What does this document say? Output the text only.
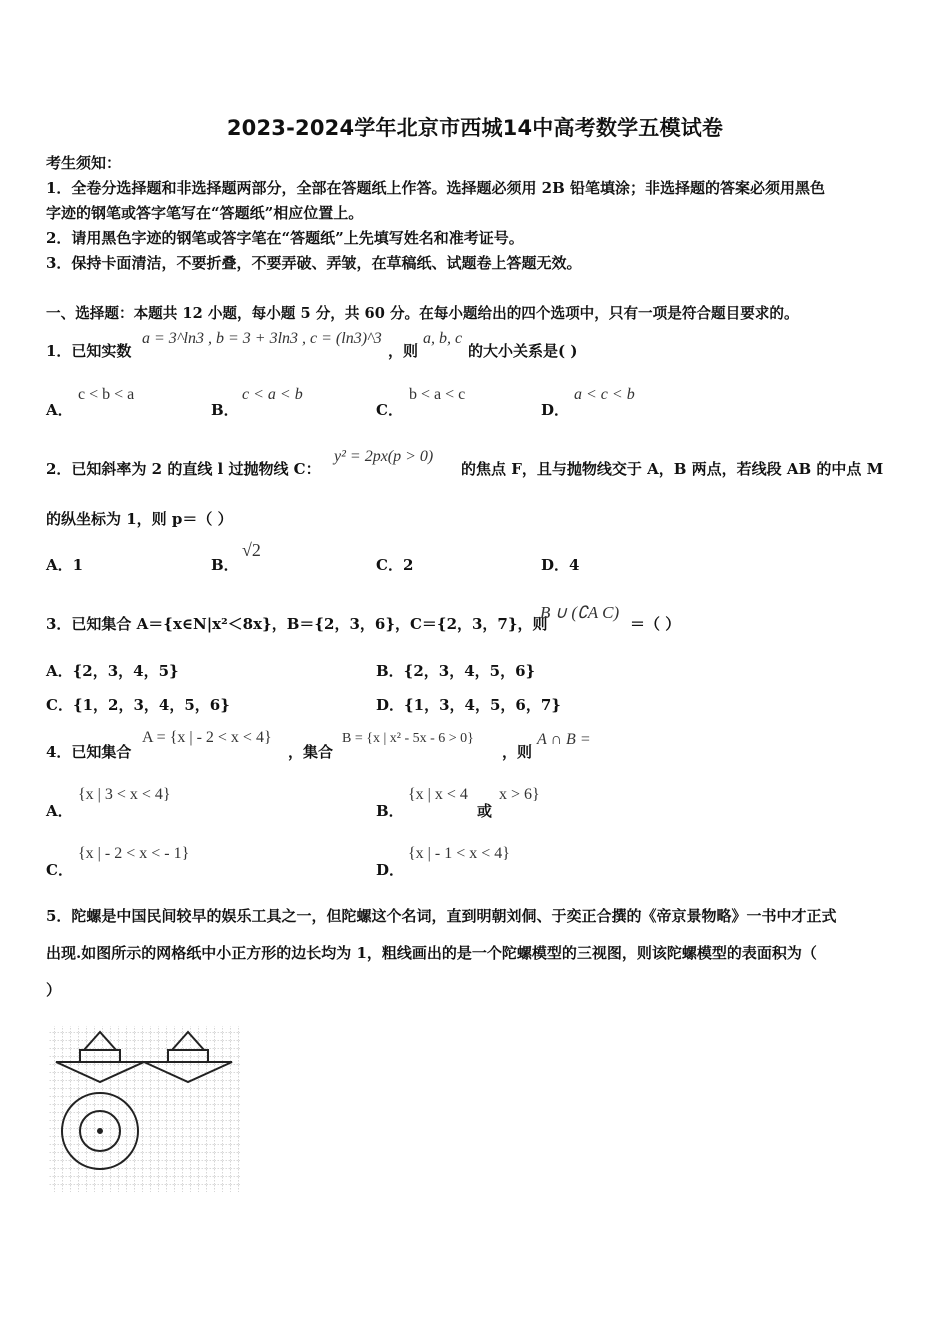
2023-2024学年北京市西城14中高考数学五模试卷
考生须知：
1．全卷分选择题和非选择题两部分，全部在答题纸上作答。选择题必须用 2B 铅笔填涂；非选择题的答案必须用黑色
字迹的钢笔或答字笔写在“答题纸”相应位置上。
2．请用黑色字迹的钢笔或答字笔在“答题纸”上先填写姓名和准考证号。
3．保持卡面清洁，不要折叠，不要弄破、弄皱，在草稿纸、试题卷上答题无效。
一、选择题：本题共 12 小题，每小题 5 分，共 60 分。在每小题给出的四个选项中，只有一项是符合题目要求的。
1．已知实数
a = 3^ln3 , b = 3 + 3ln3 , c = (ln3)^3
，则
a, b, c
的大小关系是( )
A．
c < b < a
B．
c < a < b
C．
b < a < c
D．
a < c < b
2．已知斜率为 2 的直线 l 过抛物线 C：
y² = 2px(p > 0)
的焦点 F，且与抛物线交于 A，B 两点，若线段 AB 的中点 M
的纵坐标为 1，则 p＝（ ）
A．1	B．
√2
C．2	D．4
3．已知集合 A＝{x∈N|x²＜8x}，B＝{2，3，6}，C＝{2，3，7}，则
B ∪ (∁A C)
＝（ ）
A．{2，3，4，5}	B．{2，3，4，5，6}
C．{1，2，3，4，5，6}	D．{1，3，4，5，6，7}
4．已知集合
A = {x | - 2 < x < 4}
，集合
B = {x | x² - 5x - 6 > 0}
，则
A ∩ B =
A．
{x | 3 < x < 4}
B．
{x | x < 4
或
x > 6}
C．
{x | - 2 < x < - 1}
D．
{x | - 1 < x < 4}
5．陀螺是中国民间较早的娱乐工具之一，但陀螺这个名词，直到明朝刘侗、于奕正合撰的《帝京景物略》一书中才正式
出现.如图所示的网格纸中小正方形的边长均为 1，粗线画出的是一个陀螺模型的三视图，则该陀螺模型的表面积为（
）
